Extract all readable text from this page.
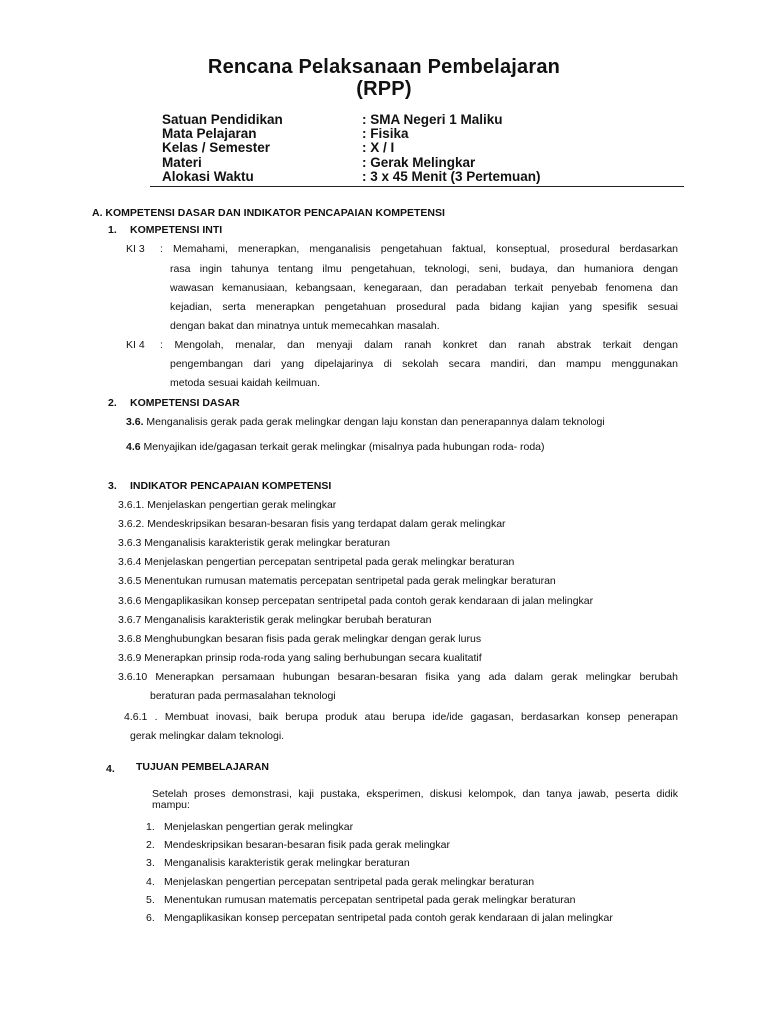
Rencana Pelaksanaan Pembelajaran
(RPP)
Satuan Pendidikan	: SMA Negeri 1 Maliku
Mata Pelajaran	: Fisika
Kelas / Semester	: X / I
Materi	: Gerak Melingkar
Alokasi Waktu	: 3 x 45 Menit (3 Pertemuan)
A. KOMPETENSI DASAR DAN INDIKATOR PENCAPAIAN KOMPETENSI
1. KOMPETENSI INTI
KI 3 : Memahami, menerapkan, menganalisis pengetahuan faktual, konseptual, prosedural berdasarkan
rasa ingin tahunya tentang ilmu pengetahuan, teknologi, seni, budaya, dan humaniora dengan
wawasan kemanusiaan, kebangsaan, kenegaraan, dan peradaban terkait penyebab fenomena dan
kejadian, serta menerapkan pengetahuan prosedural pada bidang kajian yang spesifik sesuai
dengan bakat dan minatnya untuk memecahkan masalah.
KI 4 : Mengolah, menalar, dan menyaji dalam ranah konkret dan ranah abstrak terkait dengan
pengembangan dari yang dipelajarinya di sekolah secara mandiri, dan mampu menggunakan
metoda sesuai kaidah keilmuan.
2. KOMPETENSI DASAR
3.6. Menganalisis gerak pada gerak melingkar dengan laju konstan dan penerapannya dalam teknologi
4.6 Menyajikan ide/gagasan terkait gerak melingkar (misalnya pada hubungan roda- roda)
3. INDIKATOR PENCAPAIAN KOMPETENSI
3.6.1. Menjelaskan pengertian gerak melingkar
3.6.2. Mendeskripsikan besaran-besaran fisis yang terdapat dalam gerak melingkar
3.6.3 Menganalisis karakteristik gerak melingkar beraturan
3.6.4 Menjelaskan pengertian percepatan sentripetal pada gerak melingkar beraturan
3.6.5 Menentukan rumusan matematis percepatan sentripetal pada gerak melingkar beraturan
3.6.6 Mengaplikasikan konsep percepatan sentripetal pada contoh gerak kendaraan di jalan melingkar
3.6.7 Menganalisis karakteristik gerak melingkar berubah beraturan
3.6.8 Menghubungkan besaran fisis pada gerak melingkar dengan gerak lurus
3.6.9 Menerapkan prinsip roda-roda yang saling berhubungan secara kualitatif
3.6.10 Menerapkan persamaan hubungan besaran-besaran fisika yang ada dalam gerak melingkar berubah
beraturan pada permasalahan teknologi
4.6.1 . Membuat inovasi, baik berupa produk atau berupa ide/ide gagasan, berdasarkan konsep penerapan
gerak melingkar dalam teknologi.
4. TUJUAN PEMBELAJARAN
Setelah proses demonstrasi, kaji pustaka, eksperimen, diskusi kelompok, dan tanya jawab, peserta didik
mampu:
1. Menjelaskan pengertian gerak melingkar
2. Mendeskripsikan besaran-besaran fisik pada gerak melingkar
3. Menganalisis karakteristik gerak melingkar beraturan
4. Menjelaskan pengertian percepatan sentripetal pada gerak melingkar beraturan
5. Menentukan rumusan matematis percepatan sentripetal pada gerak melingkar beraturan
6. Mengaplikasikan konsep percepatan sentripetal pada contoh gerak kendaraan di jalan melingkar
